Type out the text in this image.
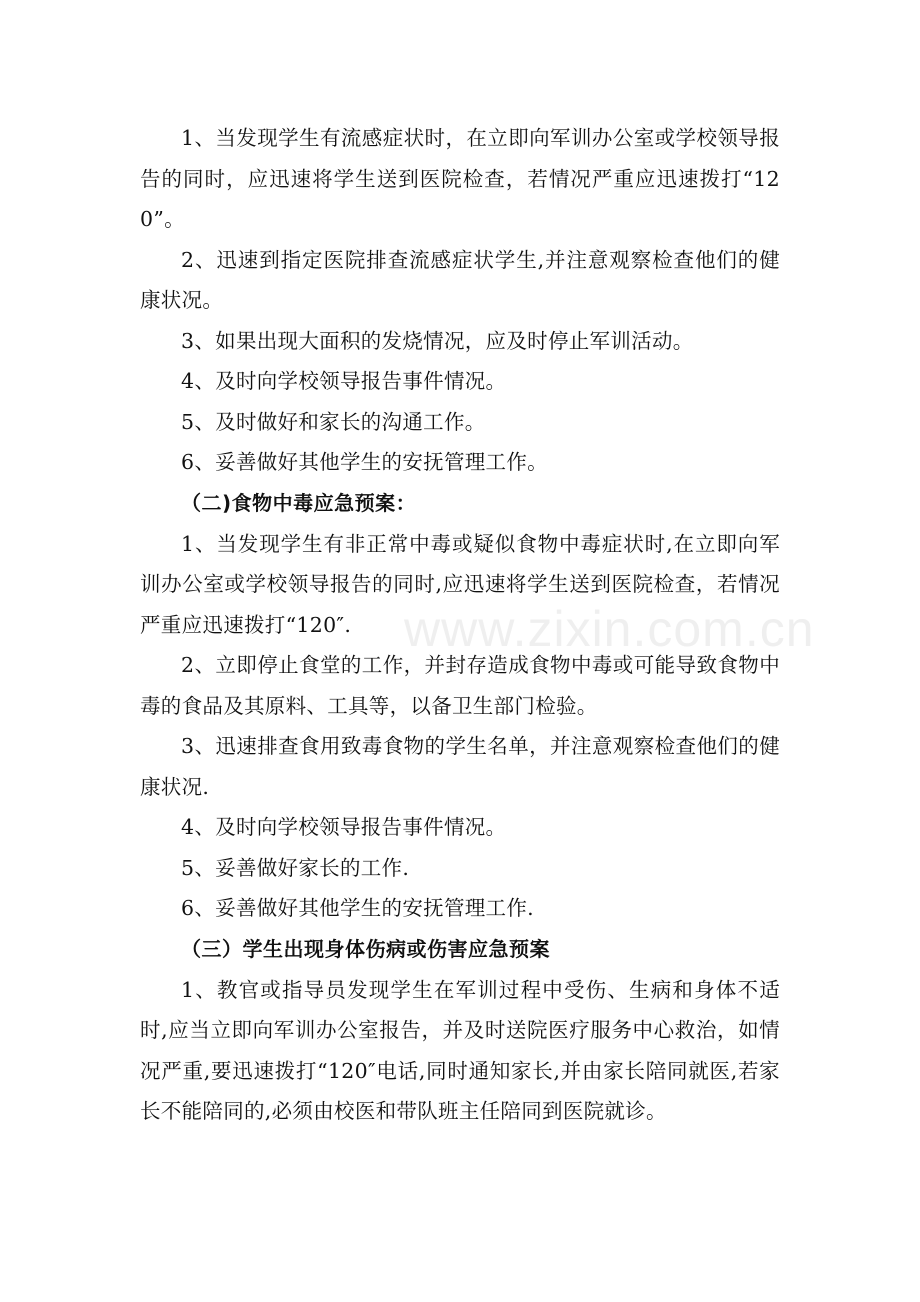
1、当发现学生有流感症状时，在立即向军训办公室或学校领导报告的同时，应迅速将学生送到医院检查，若情况严重应迅速拨打“120”。

2、迅速到指定医院排查流感症状学生,并注意观察检查他们的健康状况。

3、如果出现大面积的发烧情况，应及时停止军训活动。

4、及时向学校领导报告事件情况。

5、及时做好和家长的沟通工作。

6、妥善做好其他学生的安抚管理工作。

（二)食物中毒应急预案：

1、当发现学生有非正常中毒或疑似食物中毒症状时,在立即向军训办公室或学校领导报告的同时,应迅速将学生送到医院检查，若情况严重应迅速拨打“120″.

2、立即停止食堂的工作，并封存造成食物中毒或可能导致食物中毒的食品及其原料、工具等，以备卫生部门检验。

3、迅速排查食用致毒食物的学生名单，并注意观察检查他们的健康状况.

4、及时向学校领导报告事件情况。

5、妥善做好家长的工作.

6、妥善做好其他学生的安抚管理工作.

（三）学生出现身体伤病或伤害应急预案

1、教官或指导员发现学生在军训过程中受伤、生病和身体不适时,应当立即向军训办公室报告，并及时送院医疗服务中心救治，如情况严重,要迅速拨打“120″电话,同时通知家长,并由家长陪同就医,若家长不能陪同的,必须由校医和带队班主任陪同到医院就诊。

www.zixin.com.cn
